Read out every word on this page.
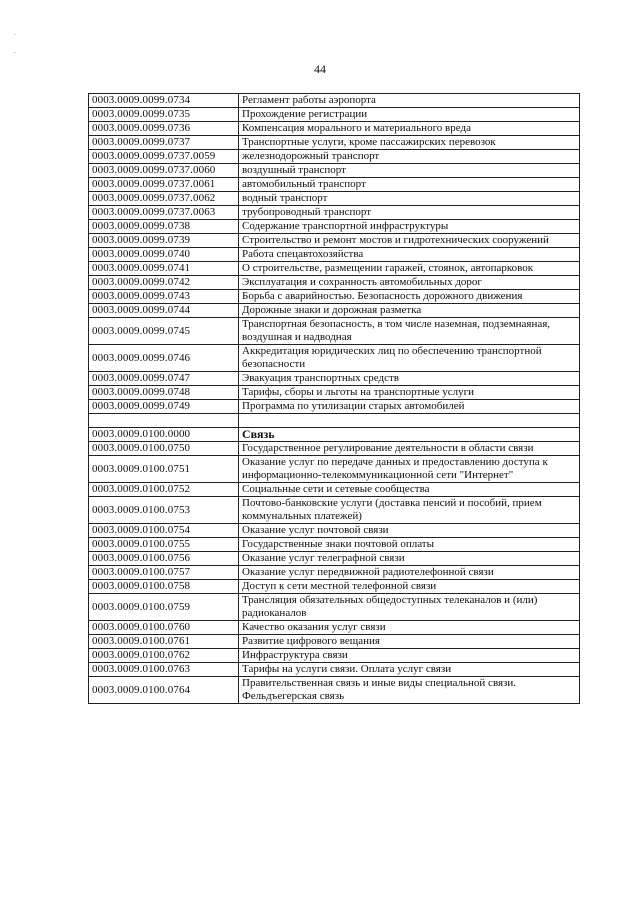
.
.
44
0003.0009.0099.0734	Регламент работы аэропорта
0003.0009.0099.0735	Прохождение регистрации
0003.0009.0099.0736	Компенсация морального и материального вреда
0003.0009.0099.0737	Транспортные услуги, кроме пассажирских перевозок
0003.0009.0099.0737.0059	железнодорожный транспорт
0003.0009.0099.0737.0060	воздушный транспорт
0003.0009.0099.0737.0061	автомобильный транспорт
0003.0009.0099.0737.0062	водный транспорт
0003.0009.0099.0737.0063	трубопроводный транспорт
0003.0009.0099.0738	Содержание транспортной инфраструктуры
0003.0009.0099.0739	Строительство и ремонт мостов и гидротехнических сооружений
0003.0009.0099.0740	Работа спецавтохозяйства
0003.0009.0099.0741	О строительстве, размещении гаражей, стоянок, автопарковок
0003.0009.0099.0742	Эксплуатация и сохранность автомобильных дорог
0003.0009.0099.0743	Борьба с аварийностью. Безопасность дорожного движения
0003.0009.0099.0744	Дорожные знаки и дорожная разметка
0003.0009.0099.0745	Транспортная безопасность, в том числе наземная, подземнаяная, воздушная и надводная
0003.0009.0099.0746	Аккредитация юридических лиц по обеспечению транспортной безопасности
0003.0009.0099.0747	Эвакуация транспортных средств
0003.0009.0099.0748	Тарифы, сборы и льготы на транспортные услуги
0003.0009.0099.0749	Программа по утилизации старых автомобилей

0003.0009.0100.0000	Связь
0003.0009.0100.0750	Государственное регулирование деятельности в области связи
0003.0009.0100.0751	Оказание услуг по передаче данных и предоставлению доступа к информационно-телекоммуникационной сети "Интернет"
0003.0009.0100.0752	Социальные сети и сетевые сообщества
0003.0009.0100.0753	Почтово-банковские услуги (доставка пенсий и пособий, прием коммунальных платежей)
0003.0009.0100.0754	Оказание услуг почтовой связи
0003.0009.0100.0755	Государственные знаки почтовой оплаты
0003.0009.0100.0756	Оказание услуг телеграфной связи
0003.0009.0100.0757	Оказание услуг передвижной радиотелефонной связи
0003.0009.0100.0758	Доступ к сети местной телефонной связи
0003.0009.0100.0759	Трансляция обязательных общедоступных телеканалов и (или) радиоканалов
0003.0009.0100.0760	Качество оказания услуг связи
0003.0009.0100.0761	Развитие цифрового вещания
0003.0009.0100.0762	Инфраструктура связи
0003.0009.0100.0763	Тарифы на услуги связи. Оплата услуг связи
0003.0009.0100.0764	Правительственная связь и иные виды специальной связи. Фельдъегерская связь
